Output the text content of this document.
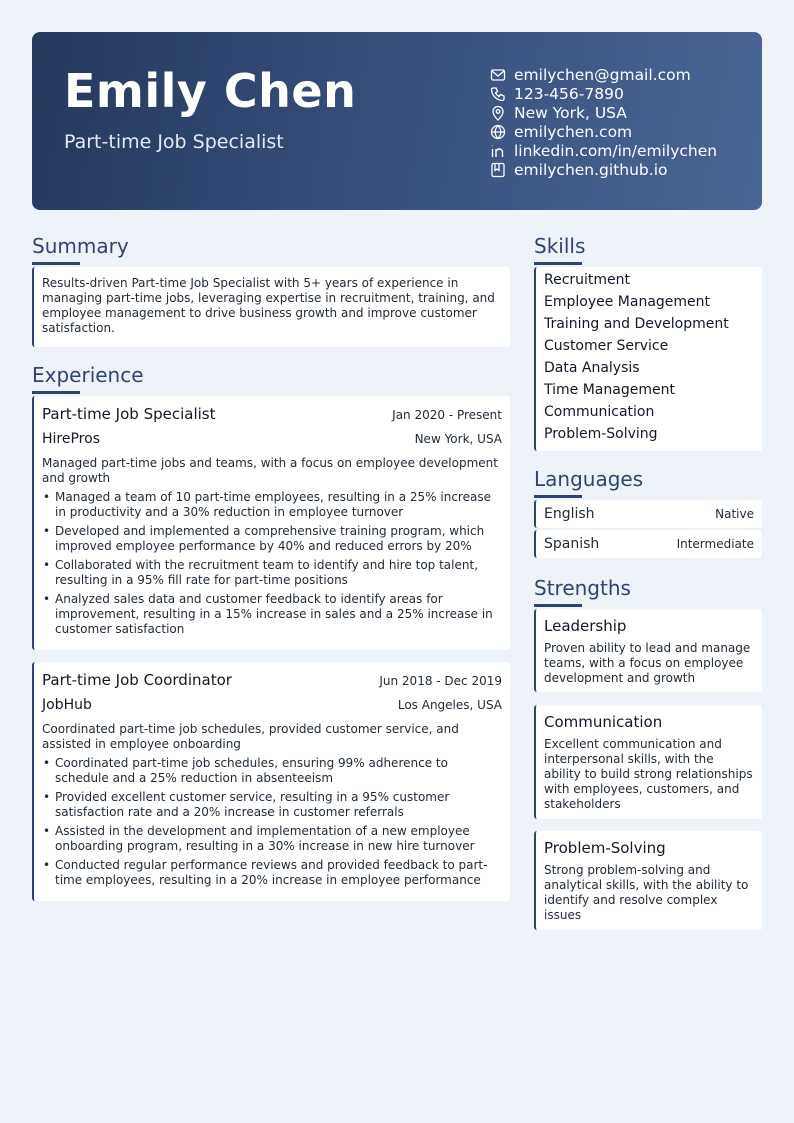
Emily Chen
Part-time Job Specialist
emilychen@gmail.com
123-456-7890
New York, USA
emilychen.com
linkedin.com/in/emilychen
emilychen.github.io
Summary
Results-driven Part-time Job Specialist with 5+ years of experience in managing part-time jobs, leveraging expertise in recruitment, training, and employee management to drive business growth and improve customer satisfaction.
Experience
Part-time Job Specialist	Jan 2020 - Present
HirePros	New York, USA
Managed part-time jobs and teams, with a focus on employee development and growth
• Managed a team of 10 part-time employees, resulting in a 25% increase in productivity and a 30% reduction in employee turnover
• Developed and implemented a comprehensive training program, which improved employee performance by 40% and reduced errors by 20%
• Collaborated with the recruitment team to identify and hire top talent, resulting in a 95% fill rate for part-time positions
• Analyzed sales data and customer feedback to identify areas for improvement, resulting in a 15% increase in sales and a 25% increase in customer satisfaction
Part-time Job Coordinator	Jun 2018 - Dec 2019
JobHub	Los Angeles, USA
Coordinated part-time job schedules, provided customer service, and assisted in employee onboarding
• Coordinated part-time job schedules, ensuring 99% adherence to schedule and a 25% reduction in absenteeism
• Provided excellent customer service, resulting in a 95% customer satisfaction rate and a 20% increase in customer referrals
• Assisted in the development and implementation of a new employee onboarding program, resulting in a 30% increase in new hire turnover
• Conducted regular performance reviews and provided feedback to part-time employees, resulting in a 20% increase in employee performance
Skills
Recruitment
Employee Management
Training and Development
Customer Service
Data Analysis
Time Management
Communication
Problem-Solving
Languages
English	Native
Spanish	Intermediate
Strengths
Leadership
Proven ability to lead and manage teams, with a focus on employee development and growth
Communication
Excellent communication and interpersonal skills, with the ability to build strong relationships with employees, customers, and stakeholders
Problem-Solving
Strong problem-solving and analytical skills, with the ability to identify and resolve complex issues
